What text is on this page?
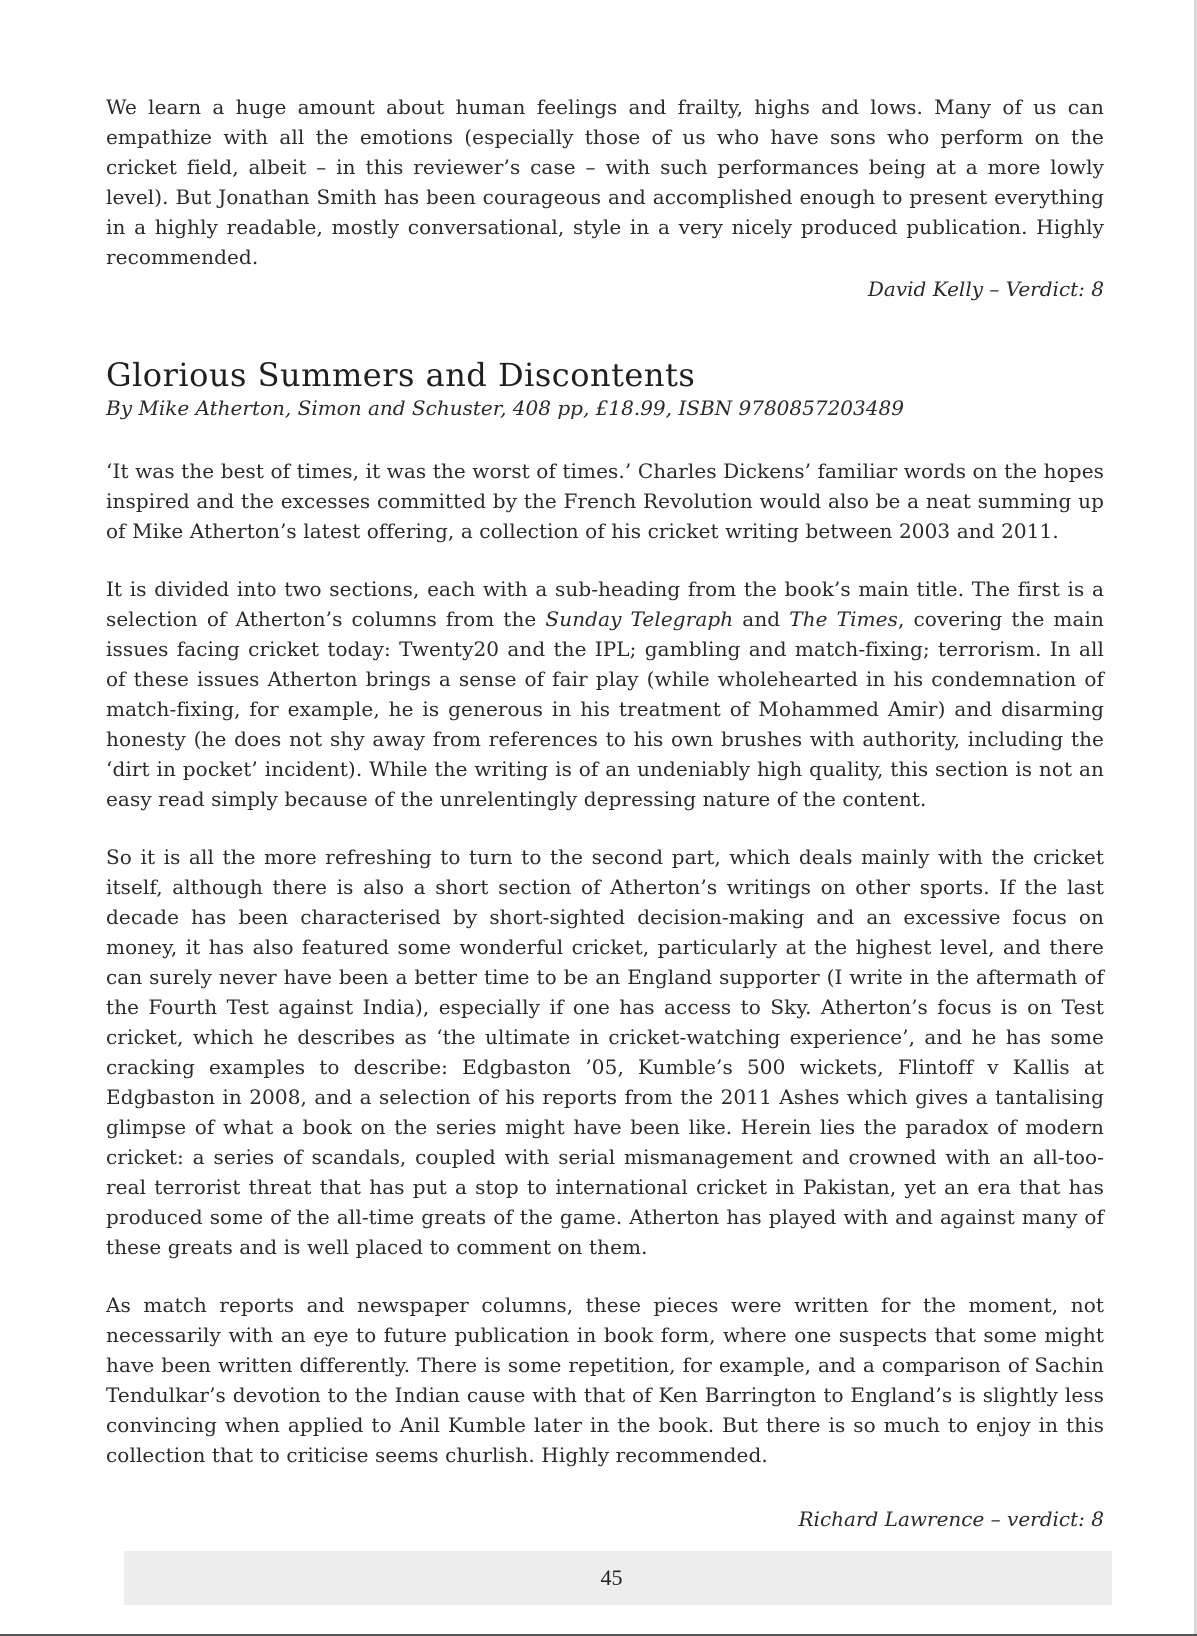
We learn a huge amount about human feelings and frailty, highs and lows. Many of us can empathize with all the emotions (especially those of us who have sons who perform on the cricket field, albeit – in this reviewer’s case – with such performances being at a more lowly level). But Jonathan Smith has been courageous and accomplished enough to present everything in a highly readable, mostly conversational, style in a very nicely produced publication. Highly recommended.

David Kelly – Verdict: 8

Glorious Summers and Discontents

By Mike Atherton, Simon and Schuster, 408 pp, £18.99, ISBN 9780857203489

‘It was the best of times, it was the worst of times.’ Charles Dickens’ familiar words on the hopes inspired and the excesses committed by the French Revolution would also be a neat summing up of Mike Atherton’s latest offering, a collection of his cricket writing between 2003 and 2011.

It is divided into two sections, each with a sub-heading from the book’s main title. The first is a selection of Atherton’s columns from the Sunday Telegraph and The Times, covering the main issues facing cricket today: Twenty20 and the IPL; gambling and match-fixing; terrorism. In all of these issues Atherton brings a sense of fair play (while wholehearted in his condemnation of match-fixing, for example, he is generous in his treatment of Mohammed Amir) and disarming honesty (he does not shy away from references to his own brushes with authority, including the ‘dirt in pocket’ incident). While the writing is of an undeniably high quality, this section is not an easy read simply because of the unrelentingly depressing nature of the content.

So it is all the more refreshing to turn to the second part, which deals mainly with the cricket itself, although there is also a short section of Atherton’s writings on other sports. If the last decade has been characterised by short-sighted decision-making and an excessive focus on money, it has also featured some wonderful cricket, particularly at the highest level, and there can surely never have been a better time to be an England supporter (I write in the aftermath of the Fourth Test against India), especially if one has access to Sky. Atherton’s focus is on Test cricket, which he describes as ‘the ultimate in cricket-watching experience’, and he has some cracking examples to describe: Edgbaston ’05, Kumble’s 500 wickets, Flintoff v Kallis at Edgbaston in 2008, and a selection of his reports from the 2011 Ashes which gives a tantalising glimpse of what a book on the series might have been like. Herein lies the paradox of modern cricket: a series of scandals, coupled with serial mismanagement and crowned with an all-too-real terrorist threat that has put a stop to international cricket in Pakistan, yet an era that has produced some of the all-time greats of the game. Atherton has played with and against many of these greats and is well placed to comment on them.

As match reports and newspaper columns, these pieces were written for the moment, not necessarily with an eye to future publication in book form, where one suspects that some might have been written differently. There is some repetition, for example, and a comparison of Sachin Tendulkar’s devotion to the Indian cause with that of Ken Barrington to England’s is slightly less convincing when applied to Anil Kumble later in the book. But there is so much to enjoy in this collection that to criticise seems churlish. Highly recommended.

Richard Lawrence – verdict: 8

45
